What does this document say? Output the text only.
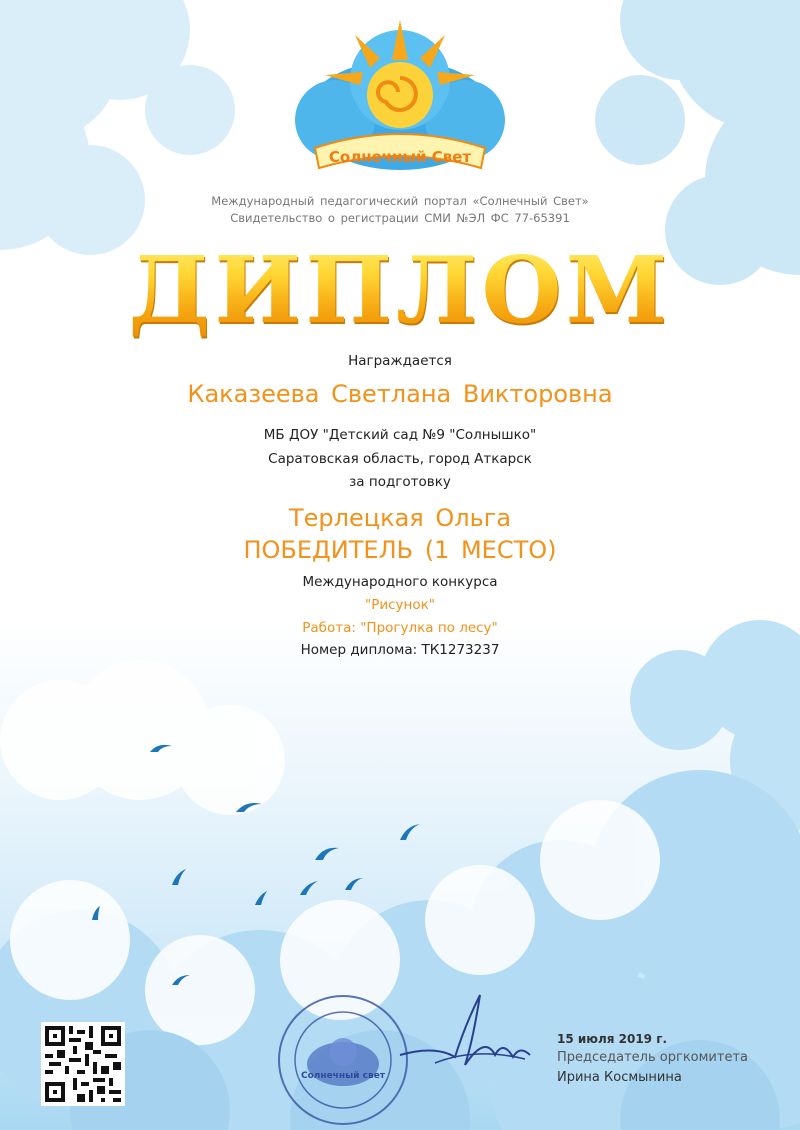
Солнечный Свет
Международный педагогический портал «Солнечный Свет»
Свидетельство о регистрации СМИ №ЭЛ ФС 77-65391
ДИПЛОМ
Награждается
Каказеева Светлана Викторовна
МБ ДОУ "Детский сад №9 "Солнышко"
Саратовская область, город Аткарск
за подготовку
Терлецкая Ольга
ПОБЕДИТЕЛЬ (1 МЕСТО)
Международного конкурса
"Рисунок"
Работа: "Прогулка по лесу"
Номер диплома: ТК1273237
Солнечный свет
15 июля 2019 г.
Председатель оргкомитета
Ирина Космынина
